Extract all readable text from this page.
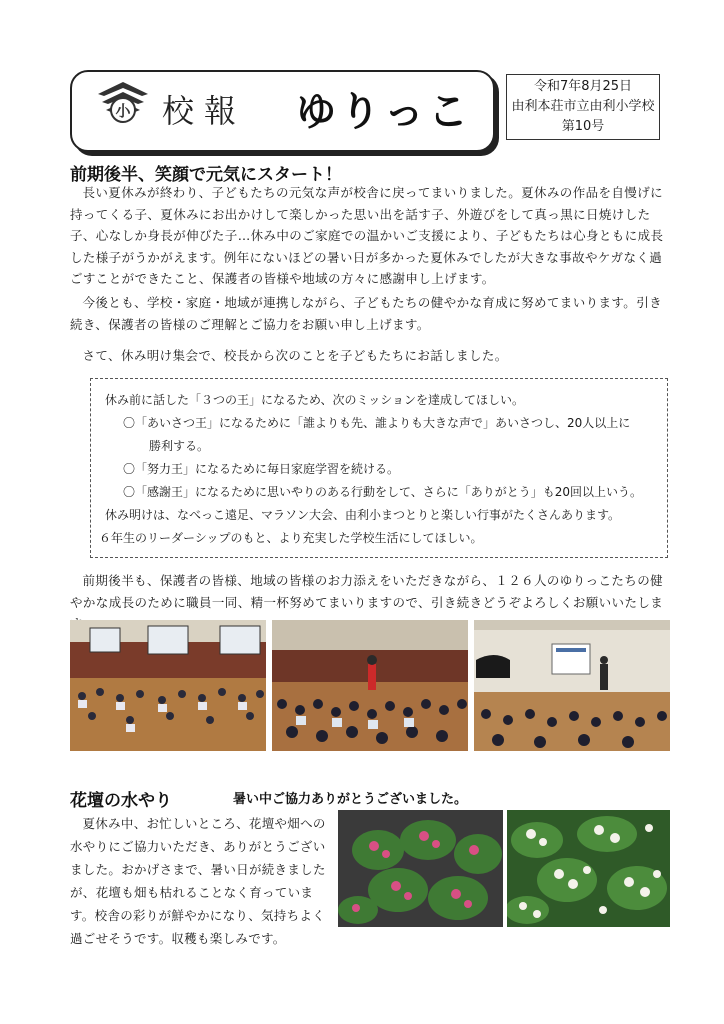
小 校報 ゆりっこ
令和7年8月25日
由利本荘市立由利小学校
第10号
前期後半、笑顔で元気にスタート！
長い夏休みが終わり、子どもたちの元気な声が校舎に戻ってまいりました。夏休みの作品を自慢げに持ってくる子、夏休みにお出かけして楽しかった思い出を話す子、外遊びをして真っ黒に日焼けした子、心なしか身長が伸びた子…休み中のご家庭での温かいご支援により、子どもたちは心身ともに成長した様子がうかがえます。例年にないほどの暑い日が多かった夏休みでしたが大きな事故やケガなく過ごすことができたこと、保護者の皆様や地域の方々に感謝申し上げます。
今後とも、学校・家庭・地域が連携しながら、子どもたちの健やかな育成に努めてまいります。引き続き、保護者の皆様のご理解とご協力をお願い申し上げます。
さて、休み明け集会で、校長から次のことを子どもたちにお話しました。

休み前に話した「３つの王」になるため、次のミッションを達成してほしい。

〇「あいさつ王」になるために「誰よりも先、誰よりも大きな声で」あいさつし、20人以上に

勝利する。

〇「努力王」になるために毎日家庭学習を続ける。

〇「感謝王」になるために思いやりのある行動をして、さらに「ありがとう」も20回以上いう。

休み明けは、なべっこ遠足、マラソン大会、由利小まつとりと楽しい行事がたくさんあります。

６年生のリーダーシップのもと、より充実した学校生活にしてほしい。

前期後半も、保護者の皆様、地域の皆様のお力添えをいただきながら、１２６人のゆりっこたちの健やかな成長のために職員一同、精一杯努めてまいりますので、引き続きどうぞよろしくお願いいたしま
花壇の水やり	暑い中ご協力ありがとうございました。
夏休み中、お忙しいところ、花壇や畑への水やりにご協力いただき、ありがとうございました。おかげさまで、暑い日が続きましたが、花壇も畑も枯れることなく育っています。校舎の彩りが鮮やかになり、気持ちよく過ごせそうです。収穫も楽しみです。
